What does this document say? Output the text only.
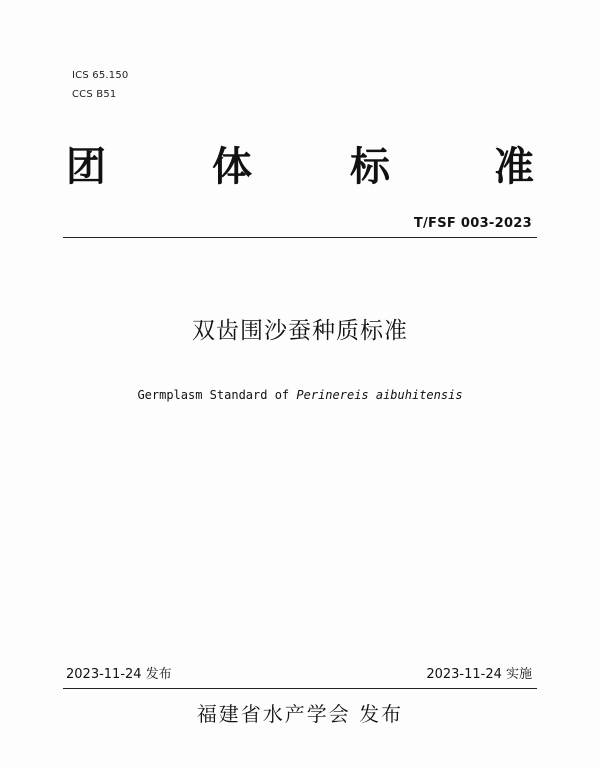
ICS 65.150
CCS B51
团	体 标	准
T/FSF 003-2023
双齿围沙蚕种质标准
Germplasm Standard of Perinereis aibuhitensis
2023-11-24 发布	2023-11-24 实施
福建省水产学会 发布
